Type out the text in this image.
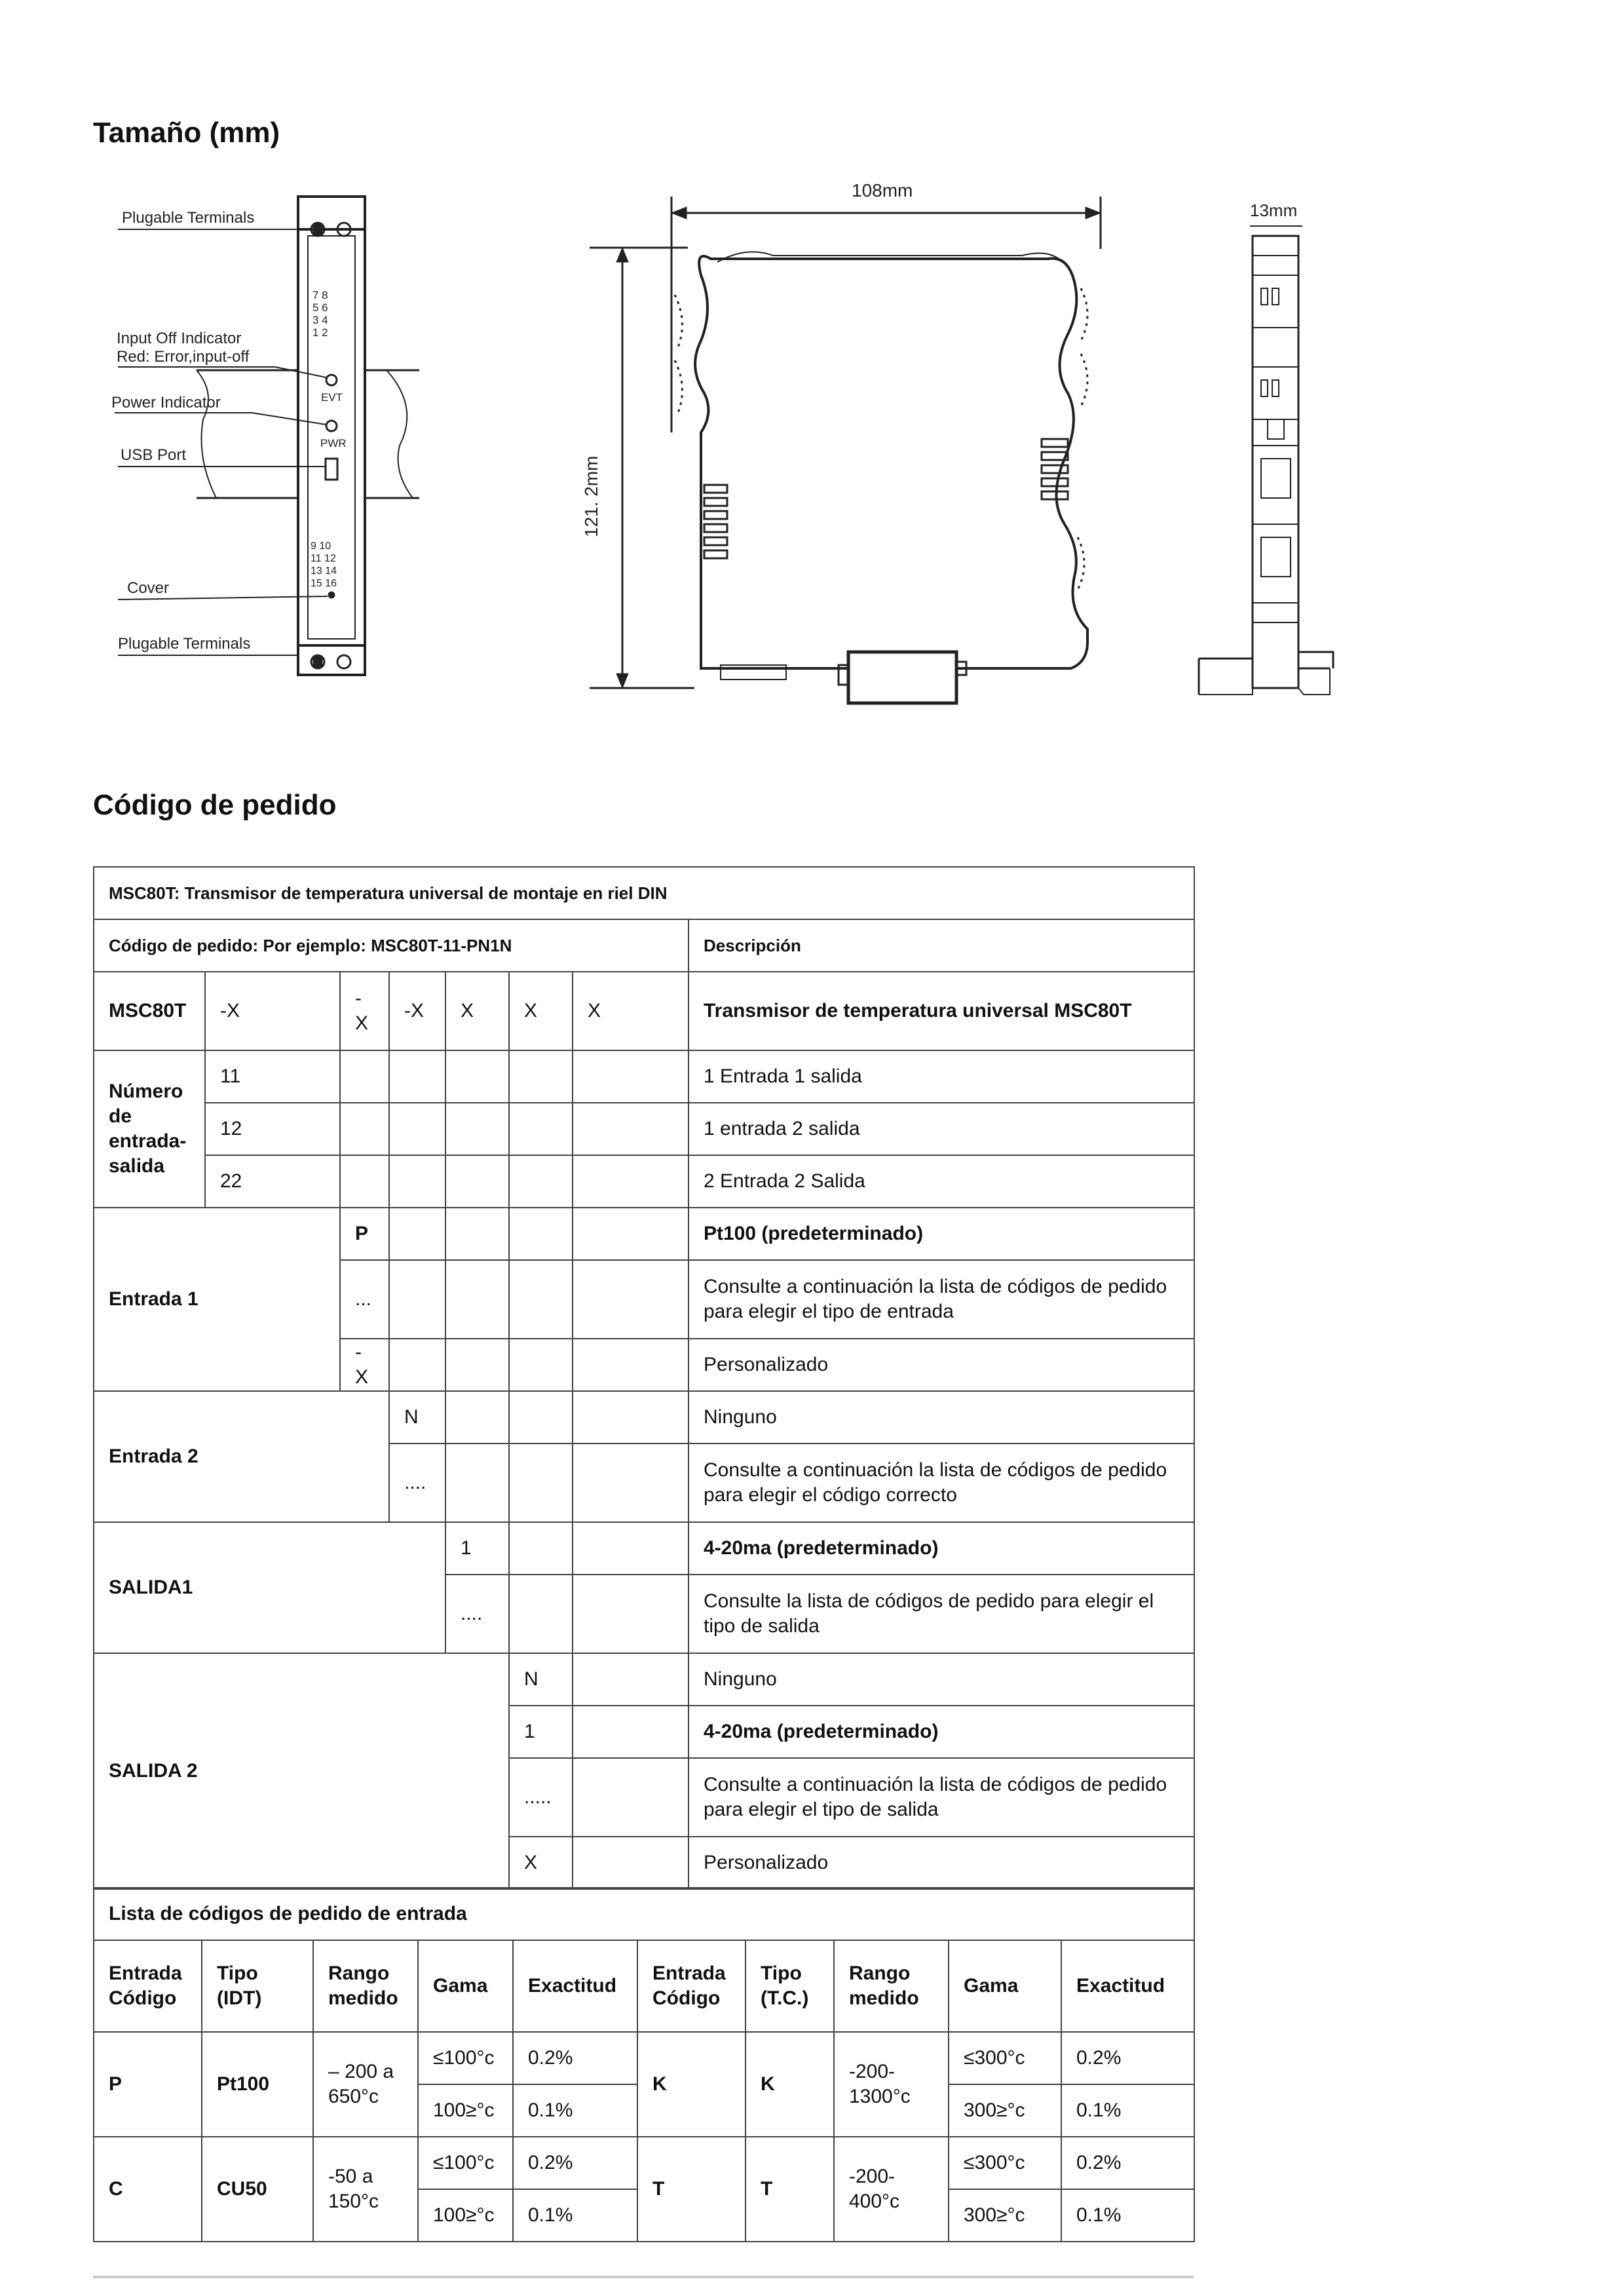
Tamaño (mm)
Plugable Terminals
Input Off Indicator
Red: Error,input-off
Power Indicator
USB Port
Cover
Plugable Terminals
7 8
5 6
3 4
1 2
EVT
PWR
9 10
11 12
13 14
15 16
108mm
121. 2mm
13mm
Código de pedido
MSC80T: Transmisor de temperatura universal de montaje en riel DIN							
Código de pedido: Por ejemplo: MSC80T-11-PN1N							Descripción
MSC80T	-X	-X	-X	X	X	X	Transmisor de temperatura universal MSC80T
Número de entrada-salida	11						1 Entrada 1 salida
	12						1 entrada 2 salida
	22						2 Entrada 2 Salida
Entrada 1		P					Pt100 (predeterminado)
		...					Consulte a continuación la lista de códigos de pedido para elegir el tipo de entrada
		-X					Personalizado
Entrada 2			N				Ninguno
			....				Consulte a continuación la lista de códigos de pedido para elegir el código correcto
SALIDA1				1			4-20ma (predeterminado)
				....			Consulte la lista de códigos de pedido para elegir el tipo de salida
SALIDA 2					N		Ninguno
					1		4-20ma (predeterminado)
					.....		Consulte a continuación la lista de códigos de pedido para elegir el tipo de salida
					X		Personalizado
Lista de códigos de pedido de entrada									
Entrada Código	Tipo (IDT)	Rango medido	Gama	Exactitud	Entrada Código	Tipo (T.C.)	Rango medido	Gama	Exactitud
P	Pt100	– 200 a 650°c	≤100°c	0.2%	K	K	-200-1300°c	≤300°c	0.2%
			100≥°c	0.1%				300≥°c	0.1%
C	CU50	-50 a 150°c	≤100°c	0.2%	T	T	-200-400°c	≤300°c	0.2%
			100≥°c	0.1%				300≥°c	0.1%
